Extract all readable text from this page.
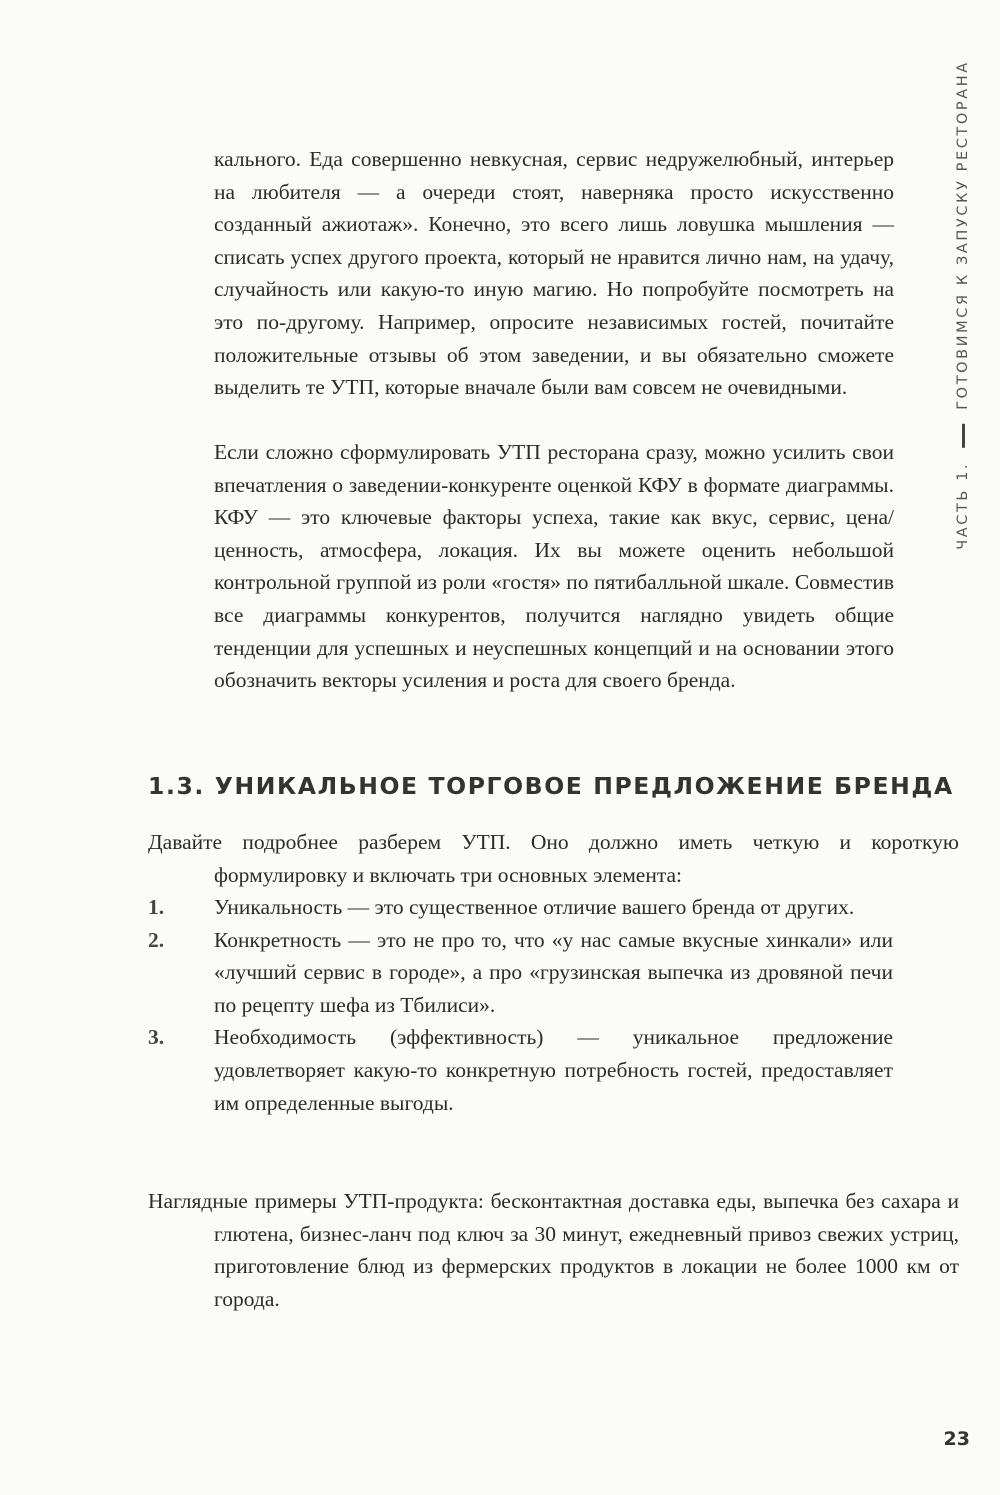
ЧАСТЬ 1.
ГОТОВИМСЯ К ЗАПУСКУ РЕСТОРАНА

кального. Еда совершенно невкусная, сервис недружелюбный, интерьер на любителя — а очереди стоят, наверняка просто искусственно созданный ажиотаж». Конечно, это всего лишь ловушка мышления — списать успех другого проекта, который не нравится лично нам, на удачу, случайность или какую-то иную магию. Но попробуйте посмотреть на это по-другому. Например, опросите независимых гостей, почитайте положительные отзывы об этом заведении, и вы обязательно сможете выделить те УТП, которые вначале были вам совсем не очевидными.

Если сложно сформулировать УТП ресторана сразу, можно усилить свои впечатления о заведении-конкуренте оценкой КФУ в формате диаграммы. КФУ — это ключевые факторы успеха, такие как вкус, сервис, цена/ценность, атмосфера, локация. Их вы можете оценить небольшой контрольной группой из роли «гостя» по пятибалльной шкале. Совместив все диаграммы конкурентов, получится наглядно увидеть общие тенденции для успешных и неуспешных концепций и на основании этого обозначить векторы усиления и роста для своего бренда.

1.3. УНИКАЛЬНОЕ ТОРГОВОЕ ПРЕДЛОЖЕНИЕ БРЕНДА

Давайте подробнее разберем УТП. Оно должно иметь четкую и короткую формулировку и включать три основных элемента:

1. Уникальность — это существенное отличие вашего бренда от других.
2. Конкретность — это не про то, что «у нас самые вкусные хинкали» или «лучший сервис в городе», а про «грузинская выпечка из дровяной печи по рецепту шефа из Тбилиси».
3. Необходимость (эффективность) — уникальное предложение удовлетворяет какую-то конкретную потребность гостей, предоставляет им определенные выгоды.

Наглядные примеры УТП-продукта: бесконтактная доставка еды, выпечка без сахара и глютена, бизнес-ланч под ключ за 30 минут, ежедневный привоз свежих устриц, приготовление блюд из фермерских продуктов в локации не более 1000 км от города.

23
